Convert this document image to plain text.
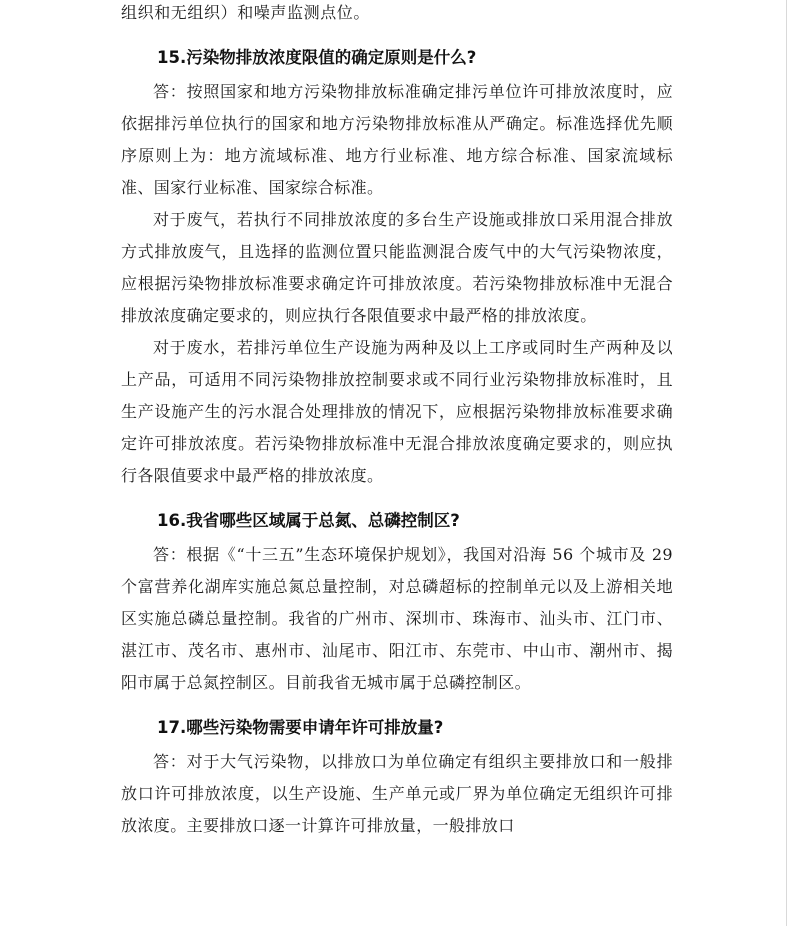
组织和无组织）和噪声监测点位。

15.污染物排放浓度限值的确定原则是什么?

答：按照国家和地方污染物排放标准确定排污单位许可排放浓度时，应依据排污单位执行的国家和地方污染物排放标准从严确定。标准选择优先顺序原则上为：地方流域标准、地方行业标准、地方综合标准、国家流域标准、国家行业标准、国家综合标准。

对于废气，若执行不同排放浓度的多台生产设施或排放口采用混合排放方式排放废气，且选择的监测位置只能监测混合废气中的大气污染物浓度，应根据污染物排放标准要求确定许可排放浓度。若污染物排放标准中无混合排放浓度确定要求的，则应执行各限值要求中最严格的排放浓度。

对于废水，若排污单位生产设施为两种及以上工序或同时生产两种及以上产品，可适用不同污染物排放控制要求或不同行业污染物排放标准时，且生产设施产生的污水混合处理排放的情况下，应根据污染物排放标准要求确定许可排放浓度。若污染物排放标准中无混合排放浓度确定要求的，则应执行各限值要求中最严格的排放浓度。

16.我省哪些区域属于总氮、总磷控制区?

答：根据《“十三五”生态环境保护规划》，我国对沿海 56 个城市及 29 个富营养化湖库实施总氮总量控制，对总磷超标的控制单元以及上游相关地区实施总磷总量控制。我省的广州市、深圳市、珠海市、汕头市、江门市、湛江市、茂名市、惠州市、汕尾市、阳江市、东莞市、中山市、潮州市、揭阳市属于总氮控制区。目前我省无城市属于总磷控制区。

17.哪些污染物需要申请年许可排放量?

答：对于大气污染物，以排放口为单位确定有组织主要排放口和一般排放口许可排放浓度，以生产设施、生产单元或厂界为单位确定无组织许可排放浓度。主要排放口逐一计算许可排放量，一般排放口
